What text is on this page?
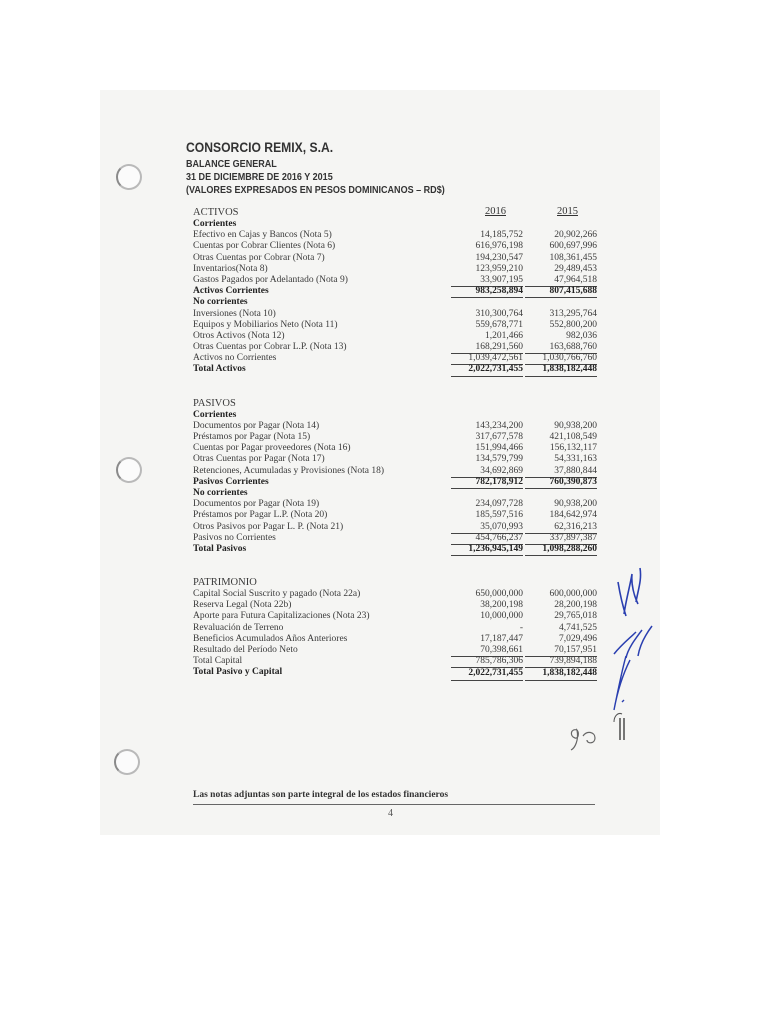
CONSORCIO REMIX, S.A.
BALANCE GENERAL
31 DE DICIEMBRE DE 2016 Y 2015
(VALORES EXPRESADOS EN PESOS DOMINICANOS – RD$)
2016	2015
ACTIVOS
Corrientes
Efectivo en Cajas y Bancos (Nota 5)	14,185,752	20,902,266
Cuentas por Cobrar Clientes (Nota 6)	616,976,198	600,697,996
Otras Cuentas por Cobrar (Nota 7)	194,230,547	108,361,455
Inventarios(Nota 8)	123,959,210	29,489,453
Gastos Pagados por Adelantado (Nota 9)	33,907,195	47,964,518
Activos Corrientes	983,258,894	807,415,688
No corrientes
Inversiones (Nota 10)	310,300,764	313,295,764
Equipos y Mobiliarios Neto (Nota 11)	559,678,771	552,800,200
Otros Activos (Nota 12)	1,201,466	982,036
Otras Cuentas por Cobrar L.P. (Nota 13)	168,291,560	163,688,760
Activos no Corrientes	1,039,472,561	1,030,766,760
Total Activos	2,022,731,455	1,838,182,448
PASIVOS
Corrientes
Documentos por Pagar (Nota 14)	143,234,200	90,938,200
Préstamos por Pagar (Nota 15)	317,677,578	421,108,549
Cuentas por Pagar proveedores (Nota 16)	151,994,466	156,132,117
Otras Cuentas por Pagar (Nota 17)	134,579,799	54,331,163
Retenciones, Acumuladas y Provisiones (Nota 18)	34,692,869	37,880,844
Pasivos Corrientes	782,178,912	760,390,873
No corrientes
Documentos por Pagar (Nota 19)	234,097,728	90,938,200
Préstamos por Pagar L.P. (Nota 20)	185,597,516	184,642,974
Otros Pasivos por Pagar L. P. (Nota 21)	35,070,993	62,316,213
Pasivos no Corrientes	454,766,237	337,897,387
Total Pasivos	1,236,945,149	1,098,288,260
PATRIMONIO
Capital Social Suscrito y pagado (Nota 22a)	650,000,000	600,000,000
Reserva Legal (Nota 22b)	38,200,198	28,200,198
Aporte para Futura Capitalizaciones (Nota 23)	10,000,000	29,765,018
Revaluación de Terreno	-	4,741,525
Beneficios Acumulados Años Anteriores	17,187,447	7,029,496
Resultado del Período Neto	70,398,661	70,157,951
Total Capital	785,786,306	739,894,188
Total Pasivo y Capital	2,022,731,455	1,838,182,448
Las notas adjuntas son parte integral de los estados financieros
4
